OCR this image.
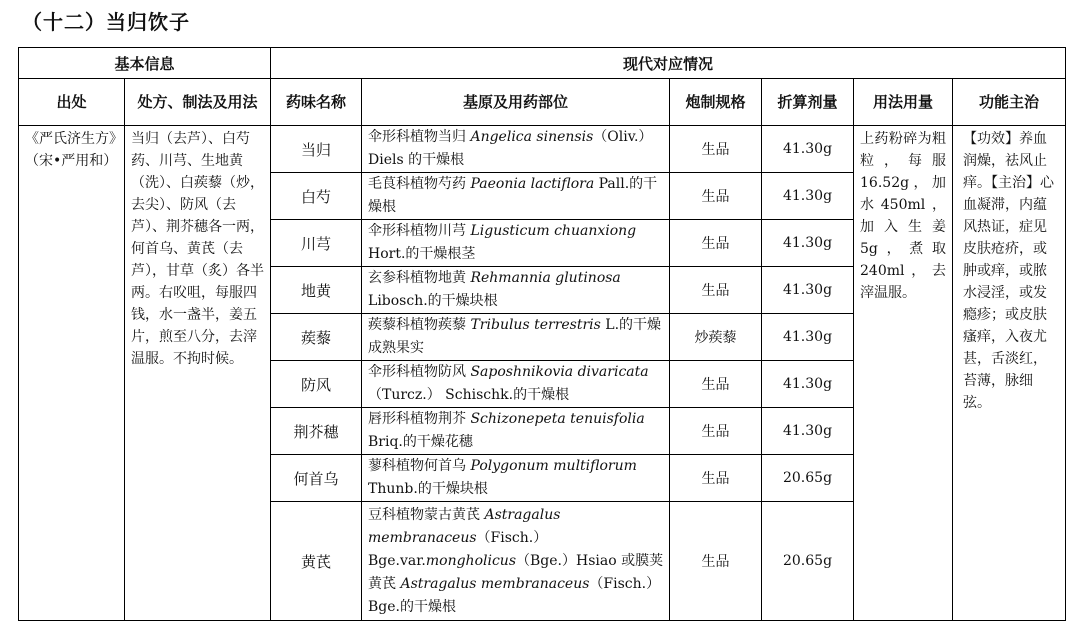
（十二）当归饮子
基本信息		现代对应情况					
出处	处方、制法及用法	药味名称	基原及用药部位	炮制规格	折算剂量	用法用量	功能主治
《严氏济生方》（宋•严用和）	当归（去芦）、白芍药、川芎、生地黄（洗）、白蒺藜（炒，去尖）、防风（去芦）、荆芥穗各一两，何首乌、黄芪（去芦），甘草（炙）各半两。右㕮咀，每服四钱，水一盏半，姜五片，煎至八分，去滓温服。不拘时候。	当归	伞形科植物当归 Angelica sinensis（Oliv.） Diels 的干燥根	生品	41.30g	上药粉碎为粗粒，每服16.52g，加水450ml，加入生姜5g，煮取240ml，去滓温服。	【功效】养血润燥，祛风止痒。【主治】心血凝滞，内蕴风热证，症见皮肤疮疥，或肿或痒，或脓水浸淫，或发瘾疹；或皮肤瘙痒，入夜尤甚，舌淡红，苔薄，脉细弦。
		白芍	毛茛科植物芍药 Paeonia lactiflora Pall.的干燥根	生品	41.30g		
		川芎	伞形科植物川芎 Ligusticum chuanxiong Hort.的干燥根茎	生品	41.30g		
		地黄	玄参科植物地黄 Rehmannia glutinosa Libosch.的干燥块根	生品	41.30g		
		蒺藜	蒺藜科植物蒺藜 Tribulus terrestris L.的干燥成熟果实	炒蒺藜	41.30g		
		防风	伞形科植物防风 Saposhnikovia divaricata（Turcz.） Schischk.的干燥根	生品	41.30g		
		荆芥穗	唇形科植物荆芥 Schizonepeta tenuisfolia Briq.的干燥花穗	生品	41.30g		
		何首乌	蓼科植物何首乌 Polygonum multiflorum Thunb.的干燥块根	生品	20.65g		
		黄芪	豆科植物蒙古黄芪 Astragalus membranaceus（Fisch.） Bge.var.mongholicus（Bge.）Hsiao 或膜荚黄芪 Astragalus membranaceus（Fisch.） Bge.的干燥根	生品	20.65g		
